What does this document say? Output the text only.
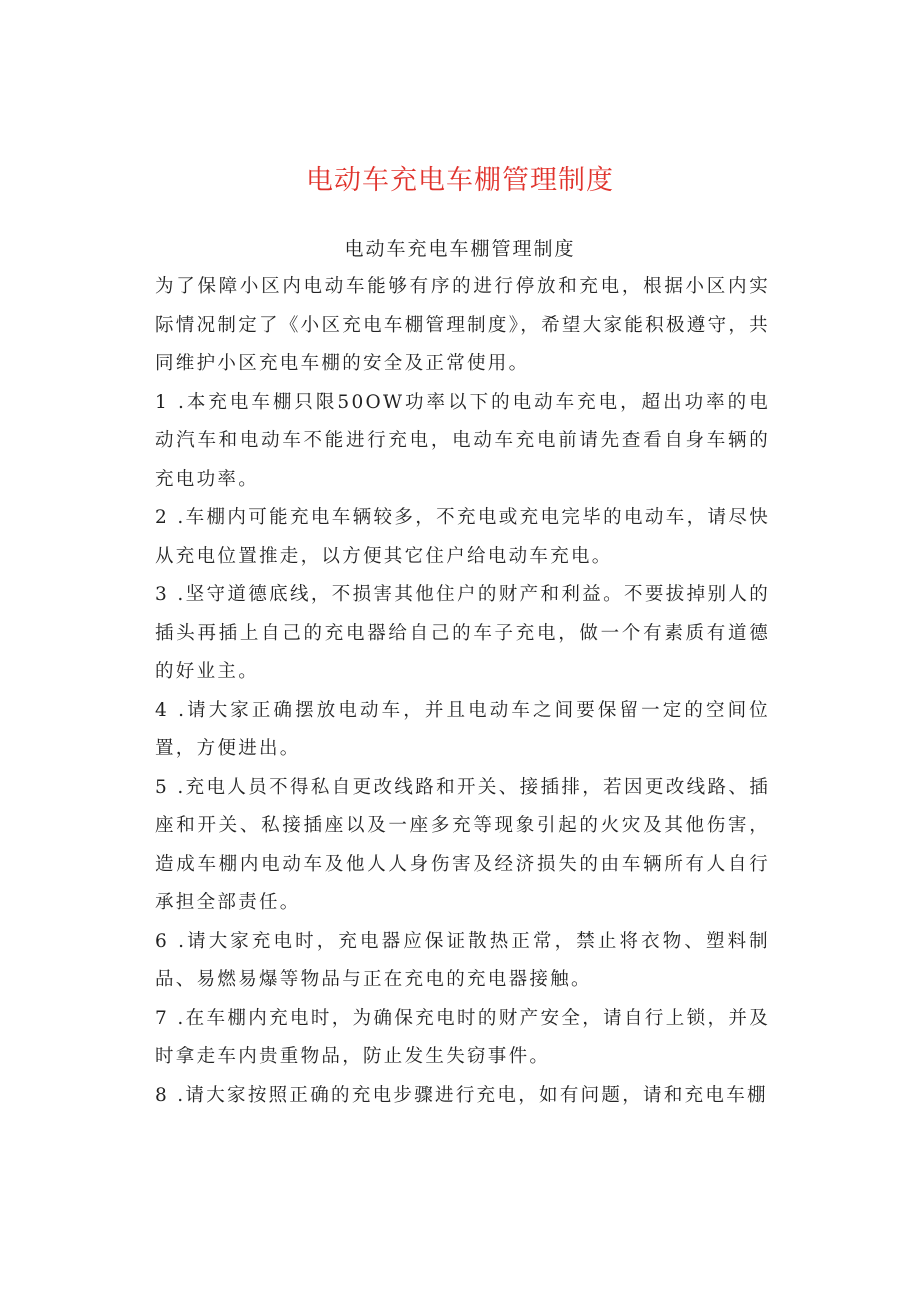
电动车充电车棚管理制度
电动车充电车棚管理制度

为了保障小区内电动车能够有序的进行停放和充电，根据小区内实际情况制定了《小区充电车棚管理制度》，希望大家能积极遵守，共同维护小区充电车棚的安全及正常使用。

1 .本充电车棚只限50OW功率以下的电动车充电，超出功率的电动汽车和电动车不能进行充电，电动车充电前请先查看自身车辆的充电功率。

2 .车棚内可能充电车辆较多，不充电或充电完毕的电动车，请尽快从充电位置推走，以方便其它住户给电动车充电。

3 .坚守道德底线，不损害其他住户的财产和利益。不要拔掉别人的插头再插上自己的充电器给自己的车子充电，做一个有素质有道德的好业主。

4 .请大家正确摆放电动车，并且电动车之间要保留一定的空间位置，方便进出。

5 .充电人员不得私自更改线路和开关、接插排，若因更改线路、插座和开关、私接插座以及一座多充等现象引起的火灾及其他伤害，造成车棚内电动车及他人人身伤害及经济损失的由车辆所有人自行承担全部责任。

6 .请大家充电时，充电器应保证散热正常，禁止将衣物、塑料制品、易燃易爆等物品与正在充电的充电器接触。

7 .在车棚内充电时，为确保充电时的财产安全，请自行上锁，并及时拿走车内贵重物品，防止发生失窃事件。

8 .请大家按照正确的充电步骤进行充电，如有问题，请和充电车棚
